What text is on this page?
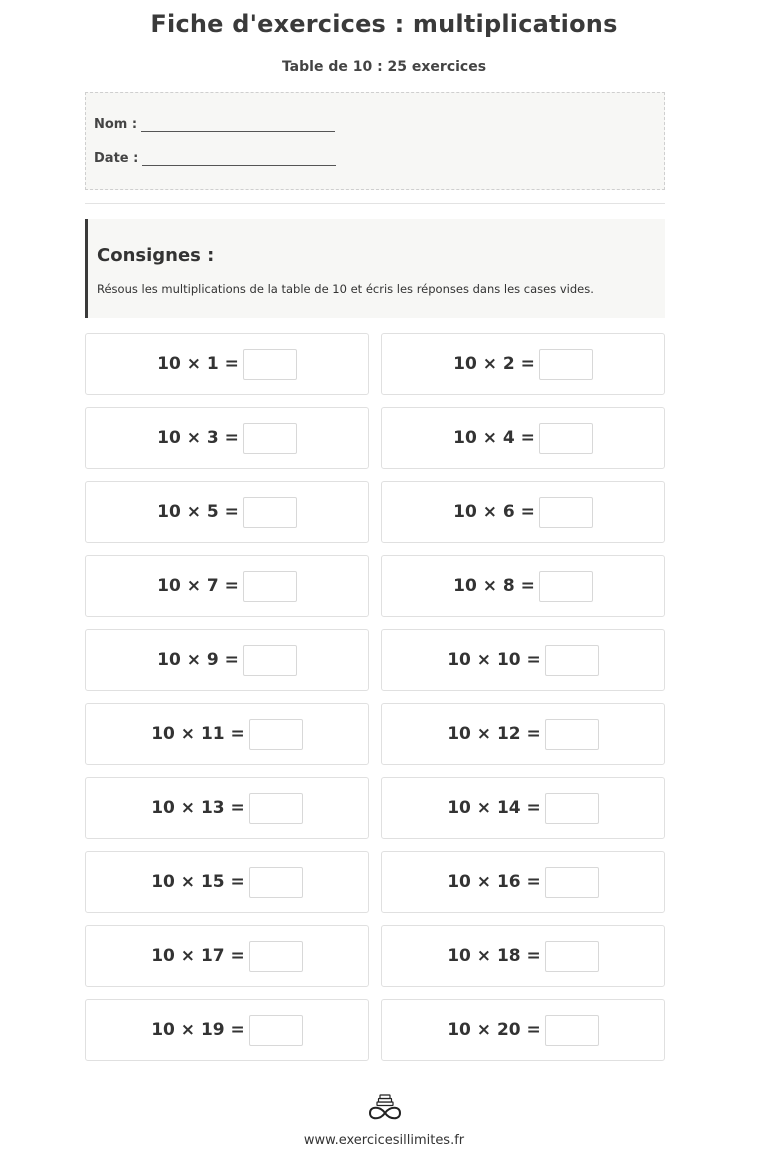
Fiche d'exercices : multiplications
Table de 10 : 25 exercices
Nom :
Date :
Consignes :
Résous les multiplications de la table de 10 et écris les réponses dans les cases vides.
10 × 1 =	10 × 2 =
10 × 3 =	10 × 4 =
10 × 5 =	10 × 6 =
10 × 7 =	10 × 8 =
10 × 9 =	10 × 10 =
10 × 11 =	10 × 12 =
10 × 13 =	10 × 14 =
10 × 15 =	10 × 16 =
10 × 17 =	10 × 18 =
10 × 19 =	10 × 20 =
www.exercicesillimites.fr
